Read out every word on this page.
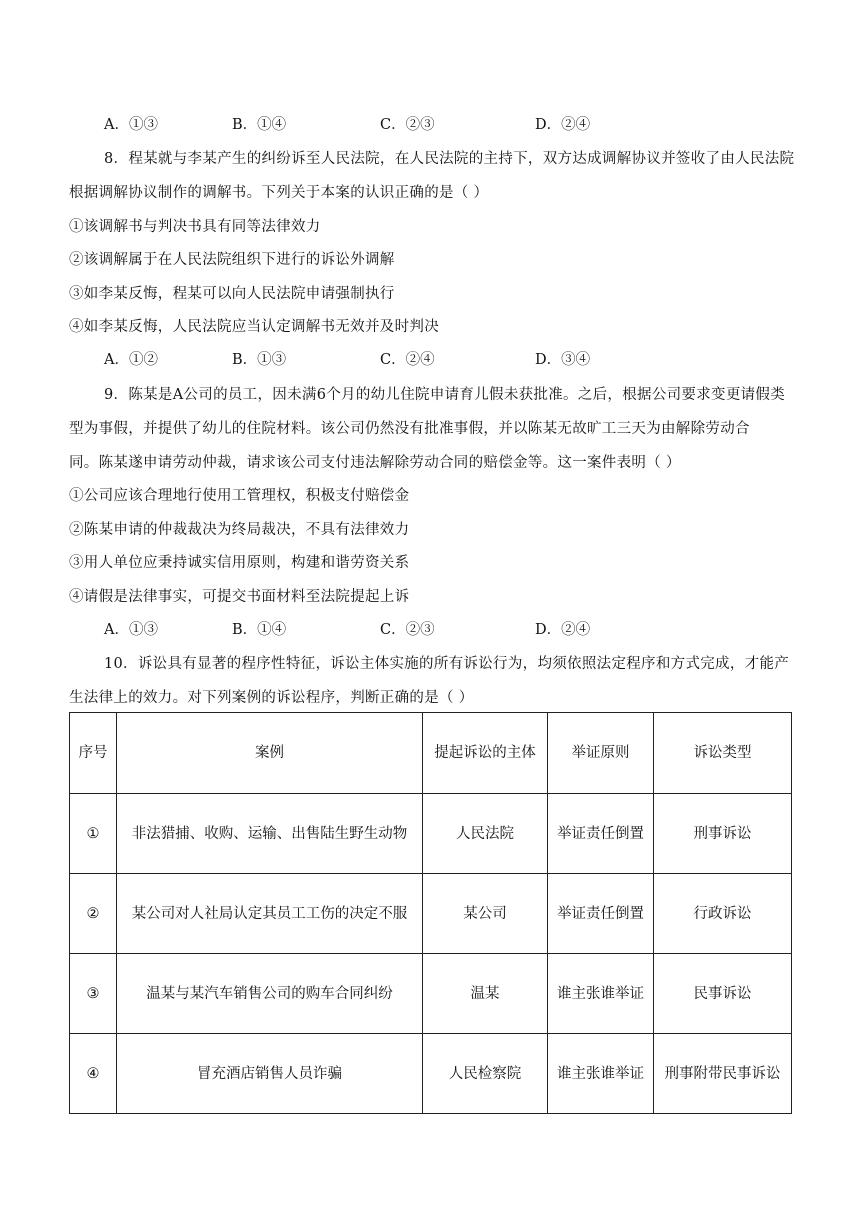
A．①③	B．①④	C．②③	D．②④
8．程某就与李某产生的纠纷诉至人民法院，在人民法院的主持下，双方达成调解协议并签收了由人民法院
根据调解协议制作的调解书。下列关于本案的认识正确的是（ ）
①该调解书与判决书具有同等法律效力
②该调解属于在人民法院组织下进行的诉讼外调解
③如李某反悔，程某可以向人民法院申请强制执行
④如李某反悔，人民法院应当认定调解书无效并及时判决
A．①②	B．①③	C．②④	D．③④
9．陈某是A公司的员工，因未满6个月的幼儿住院申请育儿假未获批准。之后，根据公司要求变更请假类
型为事假，并提供了幼儿的住院材料。该公司仍然没有批准事假，并以陈某无故旷工三天为由解除劳动合
同。陈某遂申请劳动仲裁，请求该公司支付违法解除劳动合同的赔偿金等。这一案件表明（ ）
①公司应该合理地行使用工管理权，积极支付赔偿金
②陈某申请的仲裁裁决为终局裁决，不具有法律效力
③用人单位应秉持诚实信用原则，构建和谐劳资关系
④请假是法律事实，可提交书面材料至法院提起上诉
A．①③	B．①④	C．②③	D．②④
10．诉讼具有显著的程序性特征，诉讼主体实施的所有诉讼行为，均须依照法定程序和方式完成，才能产
生法律上的效力。对下列案例的诉讼程序，判断正确的是（ ）
序号	案例	提起诉讼的主体	举证原则	诉讼类型
①	非法猎捕、收购、运输、出售陆生野生动物	人民法院	举证责任倒置	刑事诉讼
②	某公司对人社局认定其员工工伤的决定不服	某公司	举证责任倒置	行政诉讼
③	温某与某汽车销售公司的购车合同纠纷	温某	谁主张谁举证	民事诉讼
④	冒充酒店销售人员诈骗	人民检察院	谁主张谁举证	刑事附带民事诉讼
